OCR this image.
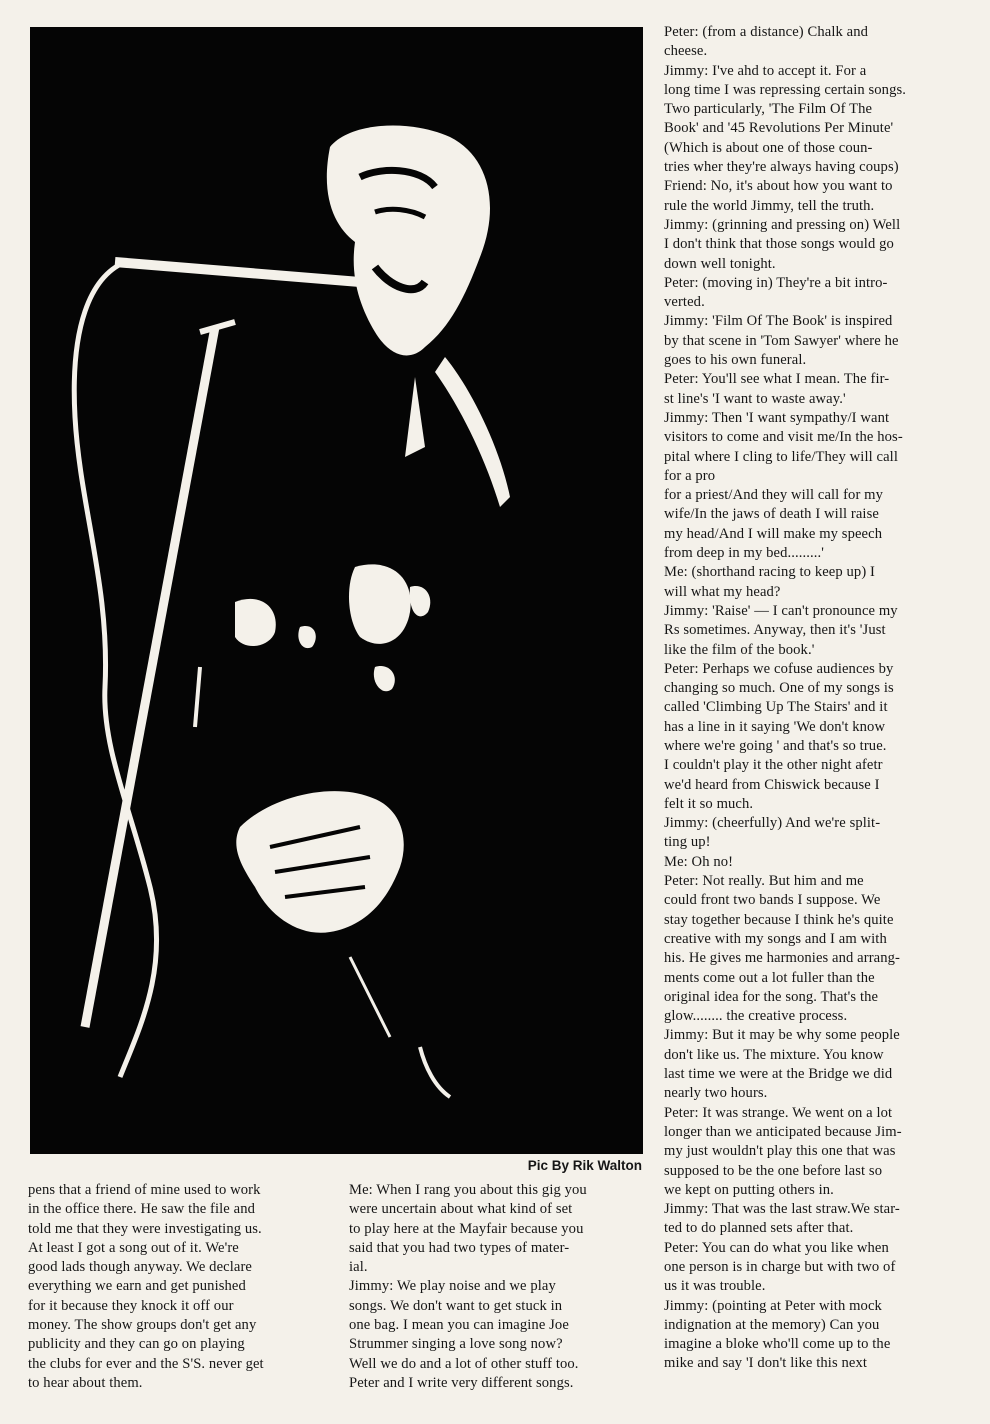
Pic By Rik Walton

pens that a friend of mine used to work

in the office there. He saw the file and

told me that they were investigating us.

At least I got a song out of it. We're

good lads though anyway. We declare

everything we earn and get punished

for it because they knock it off our

money. The show groups don't get any

publicity and they can go on playing

the clubs for ever and the S'S. never get

to hear about them.

Me: When I rang you about this gig you

were uncertain about what kind of set

to play here at the Mayfair because you

said that you had two types of mater-

ial.

Jimmy: We play noise and we play

songs. We don't want to get stuck in

one bag. I mean you can imagine Joe

Strummer singing a love song now?

Well we do and a lot of other stuff too.

Peter and I write very different songs.

Peter: (from a distance) Chalk and

cheese.

Jimmy: I've ahd to accept it. For a

long time I was repressing certain songs.

Two particularly, 'The Film Of The

Book' and '45 Revolutions Per Minute'

(Which is about one of those coun-

tries wher they're always having coups)

Friend: No, it's about how you want to

rule the world Jimmy, tell the truth.

Jimmy: (grinning and pressing on) Well

I don't think that those songs would go

down well tonight.

Peter: (moving in) They're a bit intro-

verted.

Jimmy: 'Film Of The Book' is inspired

by that scene in 'Tom Sawyer' where he

goes to his own funeral.

Peter: You'll see what I mean. The fir-

st line's 'I want to waste away.'

Jimmy: Then 'I want sympathy/I want

visitors to come and visit me/In the hos-

pital where I cling to life/They will call

for a pro

for a priest/And they will call for my

wife/In the jaws of death I will raise

my head/And I will make my speech

from deep in my bed.........'

Me: (shorthand racing to keep up) I

will what my head?

Jimmy: 'Raise' — I can't pronounce my

Rs sometimes. Anyway, then it's 'Just

like the film of the book.'

Peter: Perhaps we cofuse audiences by

changing so much. One of my songs is

called 'Climbing Up The Stairs' and it

has a line in it saying 'We don't know

where we're going ' and that's so true.

I couldn't play it the other night afetr

we'd heard from Chiswick because I

felt it so much.

Jimmy: (cheerfully) And we're split-

ting up!

Me: Oh no!

Peter: Not really. But him and me

could front two bands I suppose. We

stay together because I think he's quite

creative with my songs and I am with

his. He gives me harmonies and arrang-

ments come out a lot fuller than the

original idea for the song. That's the

glow........ the creative process.

Jimmy: But it may be why some people

don't like us. The mixture. You know

last time we were at the Bridge we did

nearly two hours.

Peter: It was strange. We went on a lot

longer than we anticipated because Jim-

my just wouldn't play this one that was

supposed to be the one before last so

we kept on putting others in.

Jimmy: That was the last straw.We star-

ted to do planned sets after that.

Peter: You can do what you like when

one person is in charge but with two of

us it was trouble.

Jimmy: (pointing at Peter with mock

indignation at the memory) Can you

imagine a bloke who'll come up to the

mike and say 'I don't like this next
